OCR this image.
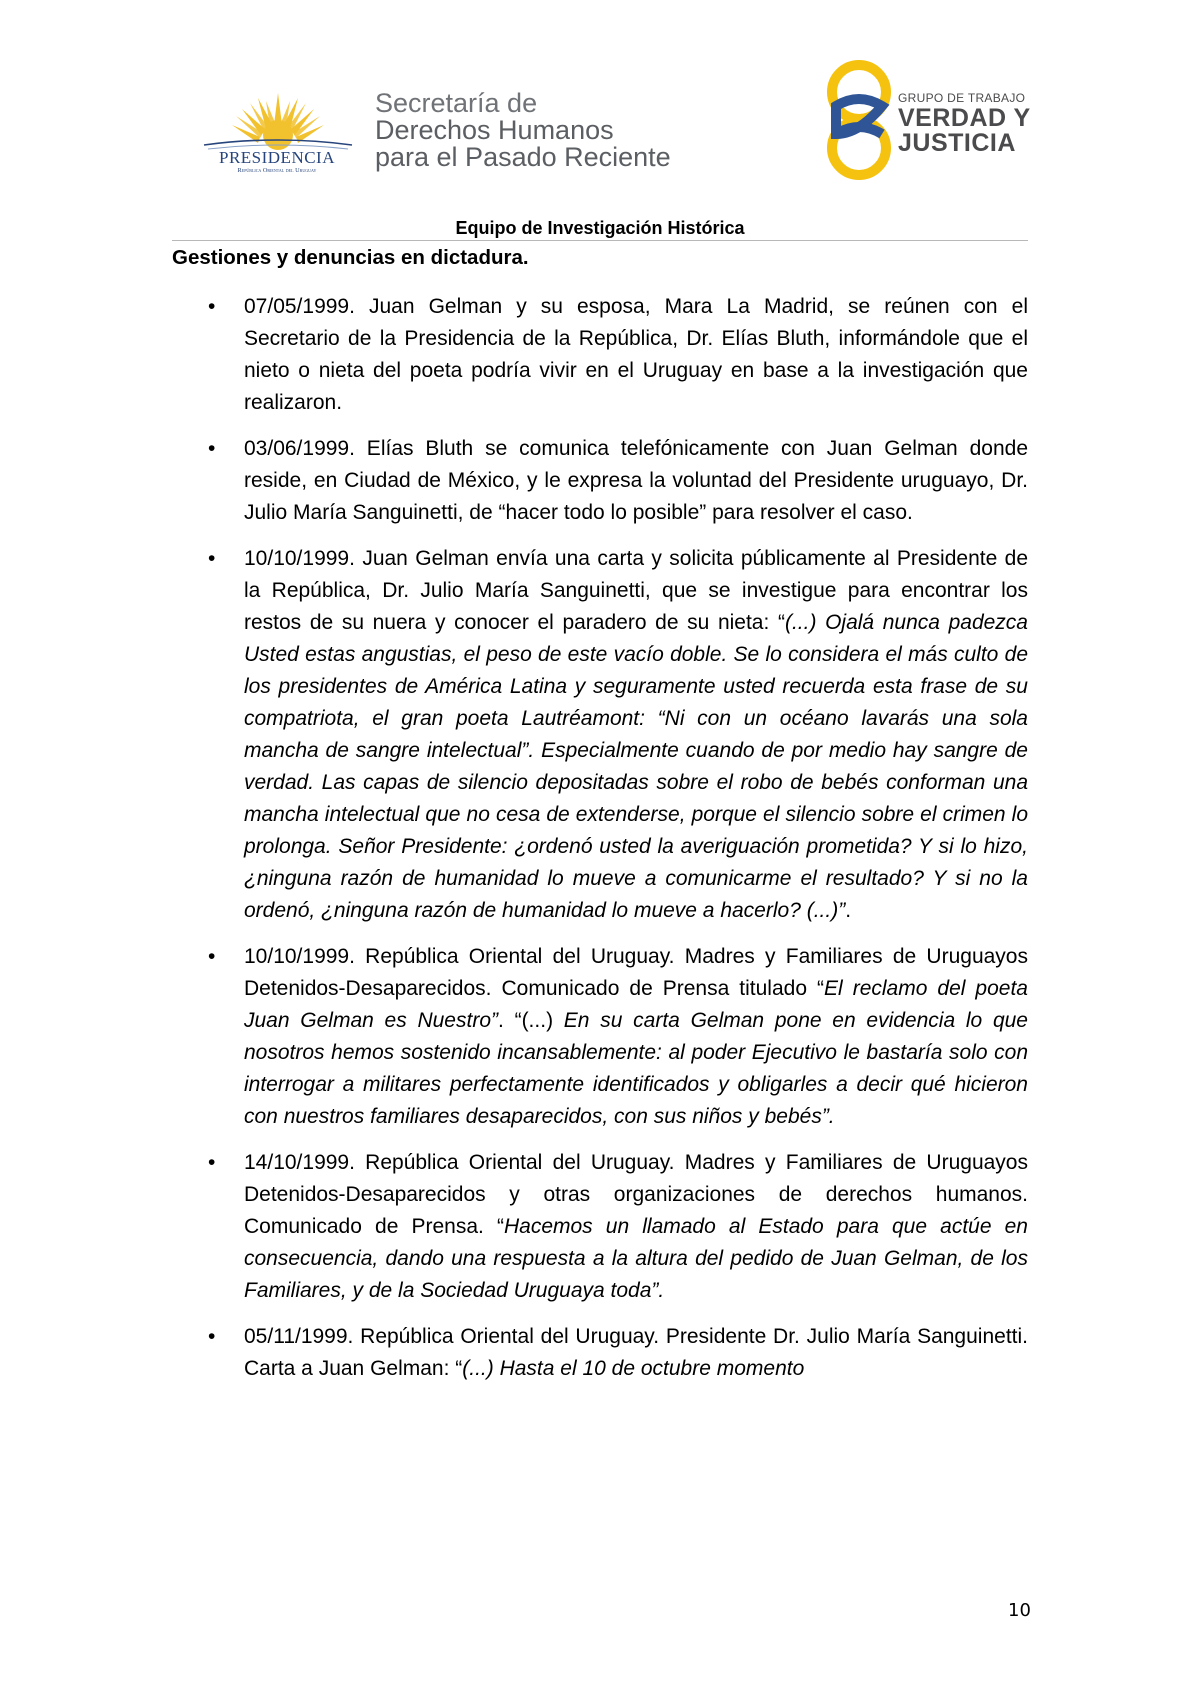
PRESIDENCIA
República Oriental del Uruguay
Secretaría de
Derechos Humanos
para el Pasado Reciente
GRUPO DE TRABAJO
VERDAD Y
JUSTICIA
Equipo de Investigación Histórica
Gestiones y denuncias en dictadura.
• 07/05/1999. Juan Gelman y su esposa, Mara La Madrid, se reúnen con el Secretario de la Presidencia de la República, Dr. Elías Bluth, informándole que el nieto o nieta del poeta podría vivir en el Uruguay en base a la investigación que realizaron.
• 03/06/1999. Elías Bluth se comunica telefónicamente con Juan Gelman donde reside, en Ciudad de México, y le expresa la voluntad del Presidente uruguayo, Dr. Julio María Sanguinetti, de “hacer todo lo posible” para resolver el caso.
• 10/10/1999. Juan Gelman envía una carta y solicita públicamente al Presidente de la República, Dr. Julio María Sanguinetti, que se investigue para encontrar los restos de su nuera y conocer el paradero de su nieta: “(...) Ojalá nunca padezca Usted estas angustias, el peso de este vacío doble. Se lo considera el más culto de los presidentes de América Latina y seguramente usted recuerda esta frase de su compatriota, el gran poeta Lautréamont: “Ni con un océano lavarás una sola mancha de sangre intelectual”. Especialmente cuando de por medio hay sangre de verdad. Las capas de silencio depositadas sobre el robo de bebés conforman una mancha intelectual que no cesa de extenderse, porque el silencio sobre el crimen lo prolonga. Señor Presidente: ¿ordenó usted la averiguación prometida? Y si lo hizo, ¿ninguna razón de humanidad lo mueve a comunicarme el resultado? Y si no la ordenó, ¿ninguna razón de humanidad lo mueve a hacerlo? (...)”.
• 10/10/1999. República Oriental del Uruguay. Madres y Familiares de Uruguayos Detenidos-Desaparecidos. Comunicado de Prensa titulado “El reclamo del poeta Juan Gelman es Nuestro”. “(...) En su carta Gelman pone en evidencia lo que nosotros hemos sostenido incansablemente: al poder Ejecutivo le bastaría solo con interrogar a militares perfectamente identificados y obligarles a decir qué hicieron con nuestros familiares desaparecidos, con sus niños y bebés”.
• 14/10/1999. República Oriental del Uruguay. Madres y Familiares de Uruguayos Detenidos-Desaparecidos y otras organizaciones de derechos humanos. Comunicado de Prensa. “Hacemos un llamado al Estado para que actúe en consecuencia, dando una respuesta a la altura del pedido de Juan Gelman, de los Familiares, y de la Sociedad Uruguaya toda”.
• 05/11/1999. República Oriental del Uruguay. Presidente Dr. Julio María Sanguinetti. Carta a Juan Gelman: “(...) Hasta el 10 de octubre momento
10
